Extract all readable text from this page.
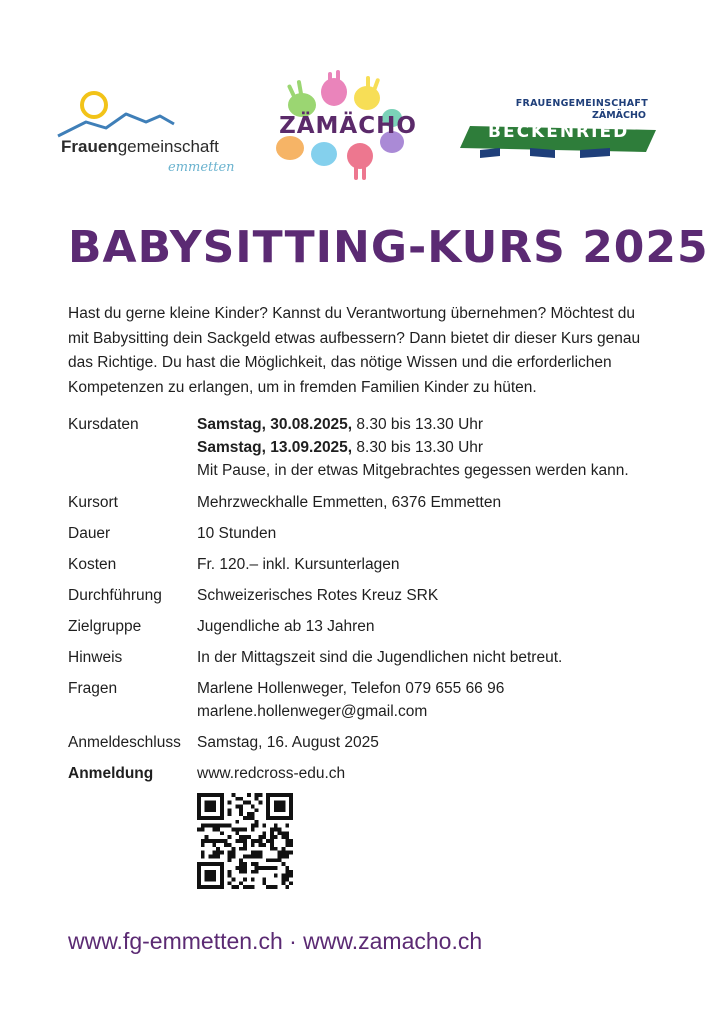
Frauengemeinschaft
emmetten
ZÄMÄCHO
FRAUENGEMEINSCHAFT
ZÄMÄCHO
BECKENRIED
BABYSITTING-KURS 2025

Hast du gerne kleine Kinder? Kannst du Verantwortung übernehmen? Möchtest du mit Babysitting dein Sackgeld etwas aufbessern? Dann bietet dir dieser Kurs genau das Richtige. Du hast die Möglichkeit, das nötige Wissen und die erforderlichen Kompetenzen zu erlangen, um in fremden Familien Kinder zu hüten.

Kursdaten	Samstag, 30.08.2025, 8.30 bis 13.30 Uhr
Samstag, 13.09.2025, 8.30 bis 13.30 Uhr
Mit Pause, in der etwas Mitgebrachtes gegessen werden kann.
Kursort	Mehrzweckhalle Emmetten, 6376 Emmetten
Dauer	10 Stunden
Kosten	Fr. 120.– inkl. Kursunterlagen
Durchführung	Schweizerisches Rotes Kreuz SRK
Zielgruppe	Jugendliche ab 13 Jahren
Hinweis	In der Mittagszeit sind die Jugendlichen nicht betreut.
Fragen	Marlene Hollenweger, Telefon 079 655 66 96
marlene.hollenweger@gmail.com
Anmeldeschluss	Samstag, 16. August 2025
Anmeldung	www.redcross-edu.ch
www.fg-emmetten.ch · www.zamacho.ch
